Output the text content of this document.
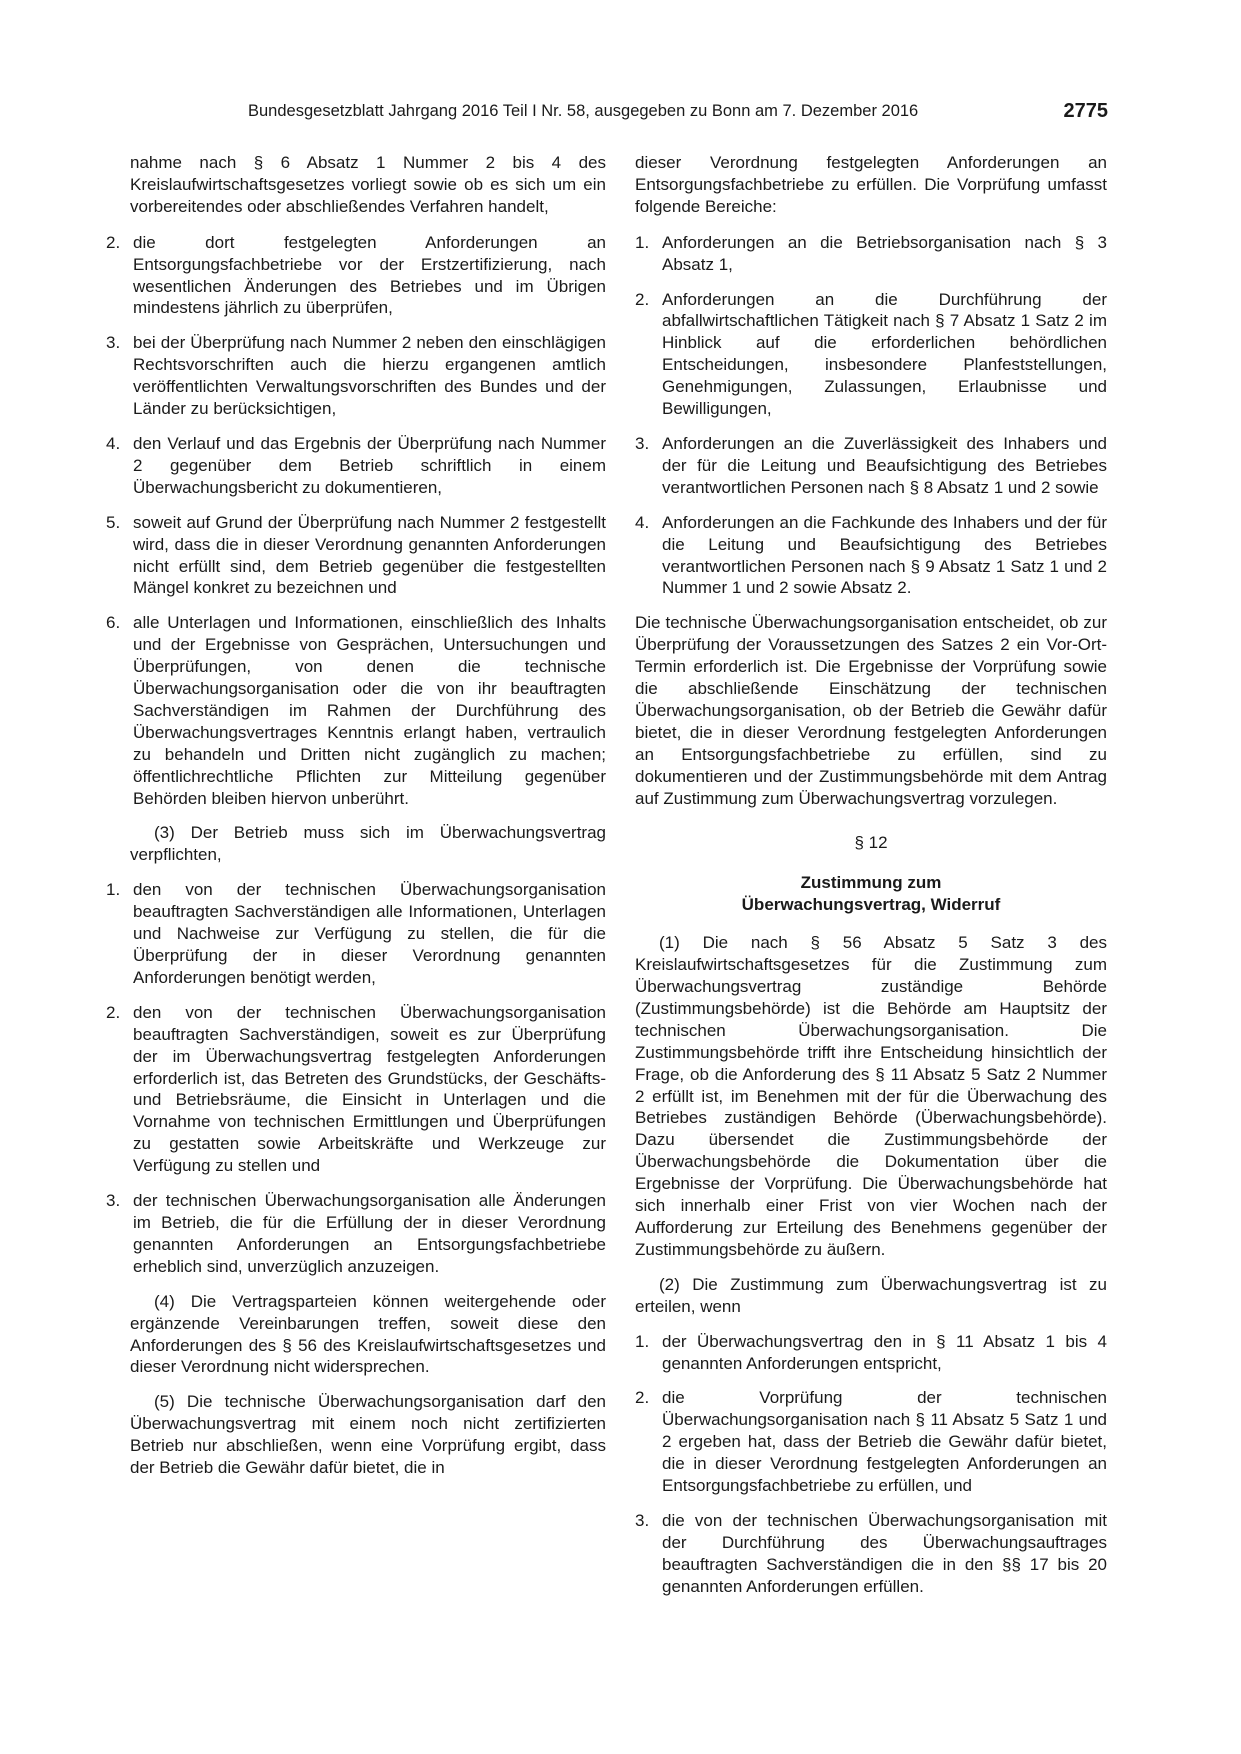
Bundesgesetzblatt Jahrgang 2016 Teil I Nr. 58, ausgegeben zu Bonn am 7. Dezember 2016	2775

nahme nach § 6 Absatz 1 Nummer 2 bis 4 des Kreislaufwirtschaftsgesetzes vorliegt sowie ob es sich um ein vorbereitendes oder abschließendes Verfahren handelt,

2. die dort festgelegten Anforderungen an Entsorgungsfachbetriebe vor der Erstzertifizierung, nach wesentlichen Änderungen des Betriebes und im Übrigen mindestens jährlich zu überprüfen,
3. bei der Überprüfung nach Nummer 2 neben den einschlägigen Rechtsvorschriften auch die hierzu ergangenen amtlich veröffentlichten Verwaltungsvorschriften des Bundes und der Länder zu berücksichtigen,
4. den Verlauf und das Ergebnis der Überprüfung nach Nummer 2 gegenüber dem Betrieb schriftlich in einem Überwachungsbericht zu dokumentieren,
5. soweit auf Grund der Überprüfung nach Nummer 2 festgestellt wird, dass die in dieser Verordnung genannten Anforderungen nicht erfüllt sind, dem Betrieb gegenüber die festgestellten Mängel konkret zu bezeichnen und
6. alle Unterlagen und Informationen, einschließlich des Inhalts und der Ergebnisse von Gesprächen, Untersuchungen und Überprüfungen, von denen die technische Überwachungsorganisation oder die von ihr beauftragten Sachverständigen im Rahmen der Durchführung des Überwachungsvertrages Kenntnis erlangt haben, vertraulich zu behandeln und Dritten nicht zugänglich zu machen; öffentlichrechtliche Pflichten zur Mitteilung gegenüber Behörden bleiben hiervon unberührt.

(3) Der Betrieb muss sich im Überwachungsvertrag verpflichten,

1. den von der technischen Überwachungsorganisation beauftragten Sachverständigen alle Informationen, Unterlagen und Nachweise zur Verfügung zu stellen, die für die Überprüfung der in dieser Verordnung genannten Anforderungen benötigt werden,
2. den von der technischen Überwachungsorganisation beauftragten Sachverständigen, soweit es zur Überprüfung der im Überwachungsvertrag festgelegten Anforderungen erforderlich ist, das Betreten des Grundstücks, der Geschäfts- und Betriebsräume, die Einsicht in Unterlagen und die Vornahme von technischen Ermittlungen und Überprüfungen zu gestatten sowie Arbeitskräfte und Werkzeuge zur Verfügung zu stellen und
3. der technischen Überwachungsorganisation alle Änderungen im Betrieb, die für die Erfüllung der in dieser Verordnung genannten Anforderungen an Entsorgungsfachbetriebe erheblich sind, unverzüglich anzuzeigen.

(4) Die Vertragsparteien können weitergehende oder ergänzende Vereinbarungen treffen, soweit diese den Anforderungen des § 56 des Kreislaufwirtschaftsgesetzes und dieser Verordnung nicht widersprechen.

(5) Die technische Überwachungsorganisation darf den Überwachungsvertrag mit einem noch nicht zertifizierten Betrieb nur abschließen, wenn eine Vorprüfung ergibt, dass der Betrieb die Gewähr dafür bietet, die in

dieser Verordnung festgelegten Anforderungen an Entsorgungsfachbetriebe zu erfüllen. Die Vorprüfung umfasst folgende Bereiche:

1. Anforderungen an die Betriebsorganisation nach § 3 Absatz 1,
2. Anforderungen an die Durchführung der abfallwirtschaftlichen Tätigkeit nach § 7 Absatz 1 Satz 2 im Hinblick auf die erforderlichen behördlichen Entscheidungen, insbesondere Planfeststellungen, Genehmigungen, Zulassungen, Erlaubnisse und Bewilligungen,
3. Anforderungen an die Zuverlässigkeit des Inhabers und der für die Leitung und Beaufsichtigung des Betriebes verantwortlichen Personen nach § 8 Absatz 1 und 2 sowie
4. Anforderungen an die Fachkunde des Inhabers und der für die Leitung und Beaufsichtigung des Betriebes verantwortlichen Personen nach § 9 Absatz 1 Satz 1 und 2 Nummer 1 und 2 sowie Absatz 2.

Die technische Überwachungsorganisation entscheidet, ob zur Überprüfung der Voraussetzungen des Satzes 2 ein Vor-Ort-Termin erforderlich ist. Die Ergebnisse der Vorprüfung sowie die abschließende Einschätzung der technischen Überwachungsorganisation, ob der Betrieb die Gewähr dafür bietet, die in dieser Verordnung festgelegten Anforderungen an Entsorgungsfachbetriebe zu erfüllen, sind zu dokumentieren und der Zustimmungsbehörde mit dem Antrag auf Zustimmung zum Überwachungsvertrag vorzulegen.

§ 12
Zustimmung zum
Überwachungsvertrag, Widerruf

(1) Die nach § 56 Absatz 5 Satz 3 des Kreislaufwirtschaftsgesetzes für die Zustimmung zum Überwachungsvertrag zuständige Behörde (Zustimmungsbehörde) ist die Behörde am Hauptsitz der technischen Überwachungsorganisation. Die Zustimmungsbehörde trifft ihre Entscheidung hinsichtlich der Frage, ob die Anforderung des § 11 Absatz 5 Satz 2 Nummer 2 erfüllt ist, im Benehmen mit der für die Überwachung des Betriebes zuständigen Behörde (Überwachungsbehörde). Dazu übersendet die Zustimmungsbehörde der Überwachungsbehörde die Dokumentation über die Ergebnisse der Vorprüfung. Die Überwachungsbehörde hat sich innerhalb einer Frist von vier Wochen nach der Aufforderung zur Erteilung des Benehmens gegenüber der Zustimmungsbehörde zu äußern.

(2) Die Zustimmung zum Überwachungsvertrag ist zu erteilen, wenn

1. der Überwachungsvertrag den in § 11 Absatz 1 bis 4 genannten Anforderungen entspricht,
2. die Vorprüfung der technischen Überwachungsorganisation nach § 11 Absatz 5 Satz 1 und 2 ergeben hat, dass der Betrieb die Gewähr dafür bietet, die in dieser Verordnung festgelegten Anforderungen an Entsorgungsfachbetriebe zu erfüllen, und
3. die von der technischen Überwachungsorganisation mit der Durchführung des Überwachungsauftrages beauftragten Sachverständigen die in den §§ 17 bis 20 genannten Anforderungen erfüllen.
